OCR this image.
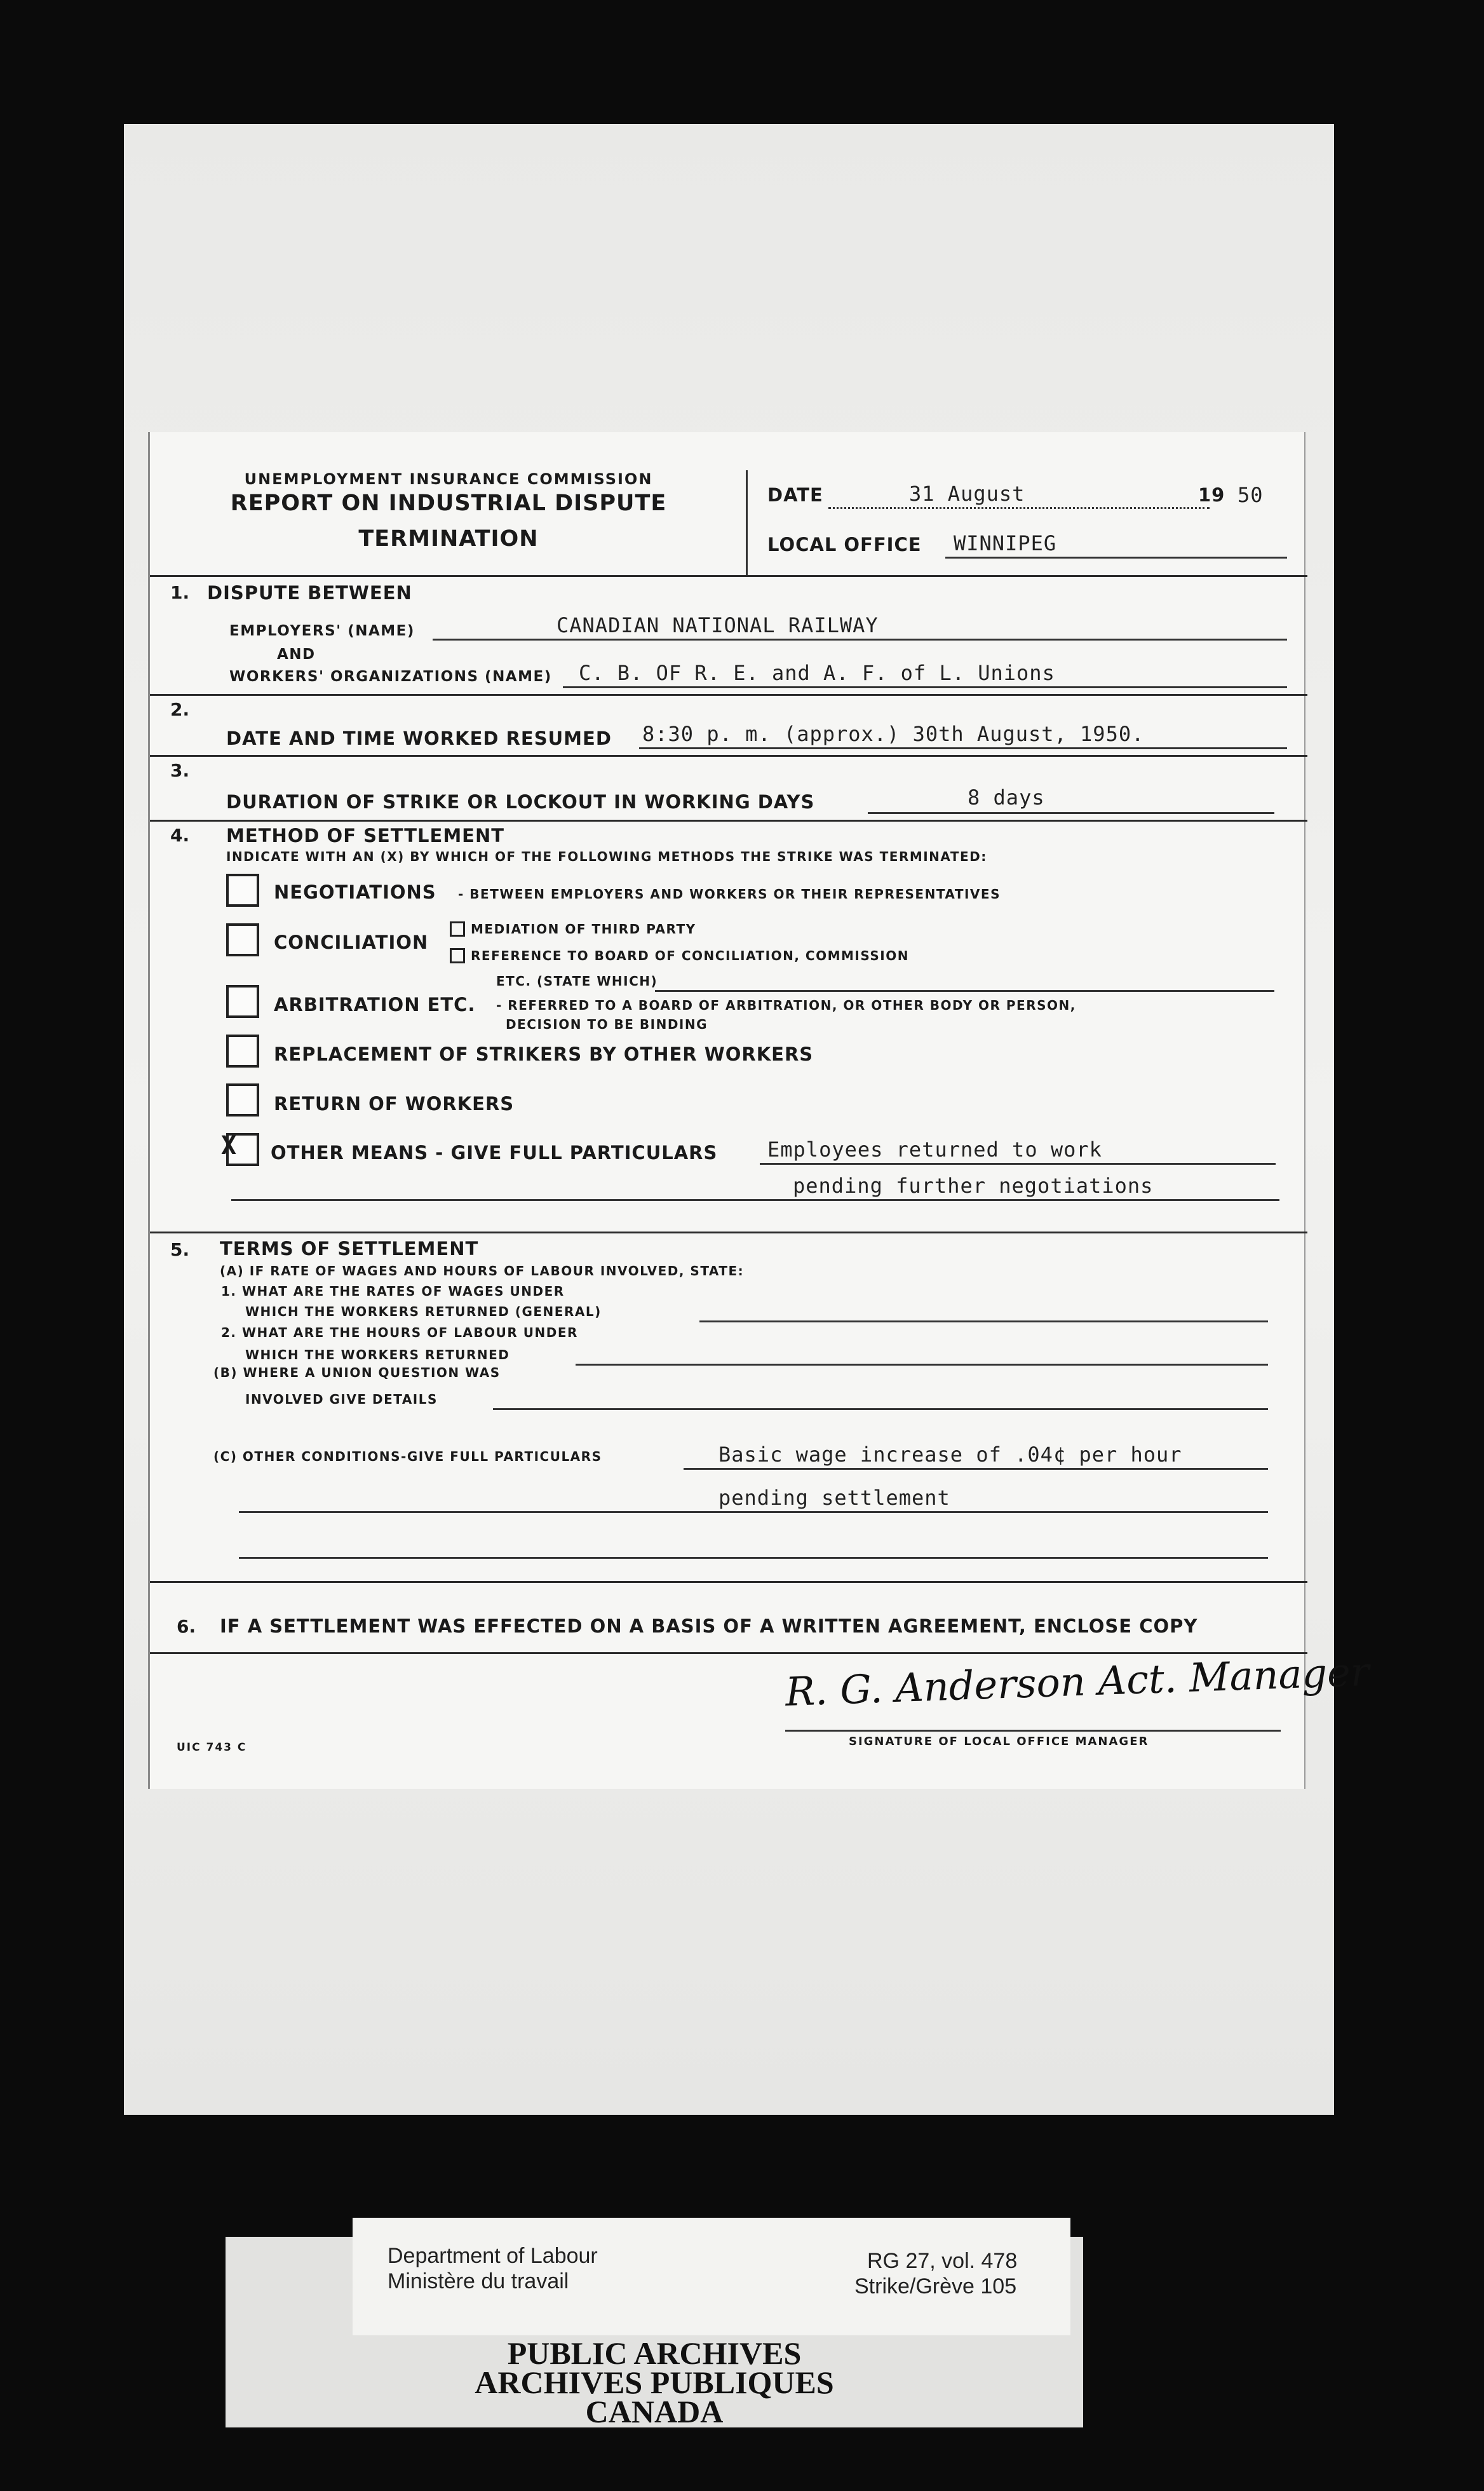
UNEMPLOYMENT INSURANCE COMMISSION
REPORT ON INDUSTRIAL DISPUTE
TERMINATION
DATE	31 August	19 50
LOCAL OFFICE WINNIPEG
1. DISPUTE BETWEEN
EMPLOYERS' (NAME)	CANADIAN NATIONAL RAILWAY
AND
WORKERS' ORGANIZATIONS (NAME) C. B. OF R. E. and A. F. of L. Unions
2.
DATE AND TIME WORKED RESUMED 8:30 p. m. (approx.) 30th August, 1950.
3.
DURATION OF STRIKE OR LOCKOUT IN WORKING DAYS	8 days
4. METHOD OF SETTLEMENT
INDICATE WITH AN (X) BY WHICH OF THE FOLLOWING METHODS THE STRIKE WAS TERMINATED:
NEGOTIATIONS - BETWEEN EMPLOYERS AND WORKERS OR THEIR REPRESENTATIVES
CONCILIATION
MEDIATION OF THIRD PARTY
REFERENCE TO BOARD OF CONCILIATION, COMMISSION
ETC. (STATE WHICH)
ARBITRATION ETC. - REFERRED TO A BOARD OF ARBITRATION, OR OTHER BODY OR PERSON,
DECISION TO BE BINDING
REPLACEMENT OF STRIKERS BY OTHER WORKERS
RETURN OF WORKERS
X OTHER MEANS - GIVE FULL PARTICULARS Employees returned to work
pending further negotiations
5. TERMS OF SETTLEMENT
(A) IF RATE OF WAGES AND HOURS OF LABOUR INVOLVED, STATE:
1. WHAT ARE THE RATES OF WAGES UNDER
WHICH THE WORKERS RETURNED (GENERAL)
2. WHAT ARE THE HOURS OF LABOUR UNDER
WHICH THE WORKERS RETURNED
(B) WHERE A UNION QUESTION WAS
INVOLVED GIVE DETAILS
(C) OTHER CONDITIONS-GIVE FULL PARTICULARS	Basic wage increase of .04¢ per hour
pending settlement
6. IF A SETTLEMENT WAS EFFECTED ON A BASIS OF A WRITTEN AGREEMENT, ENCLOSE COPY
R. G. Anderson Act. Manager
SIGNATURE OF LOCAL OFFICE MANAGER
UIC 743 C
Department of Labour
Ministère du travail
RG 27, vol. 478
Strike/Grève 105
PUBLIC ARCHIVES
ARCHIVES PUBLIQUES
CANADA
